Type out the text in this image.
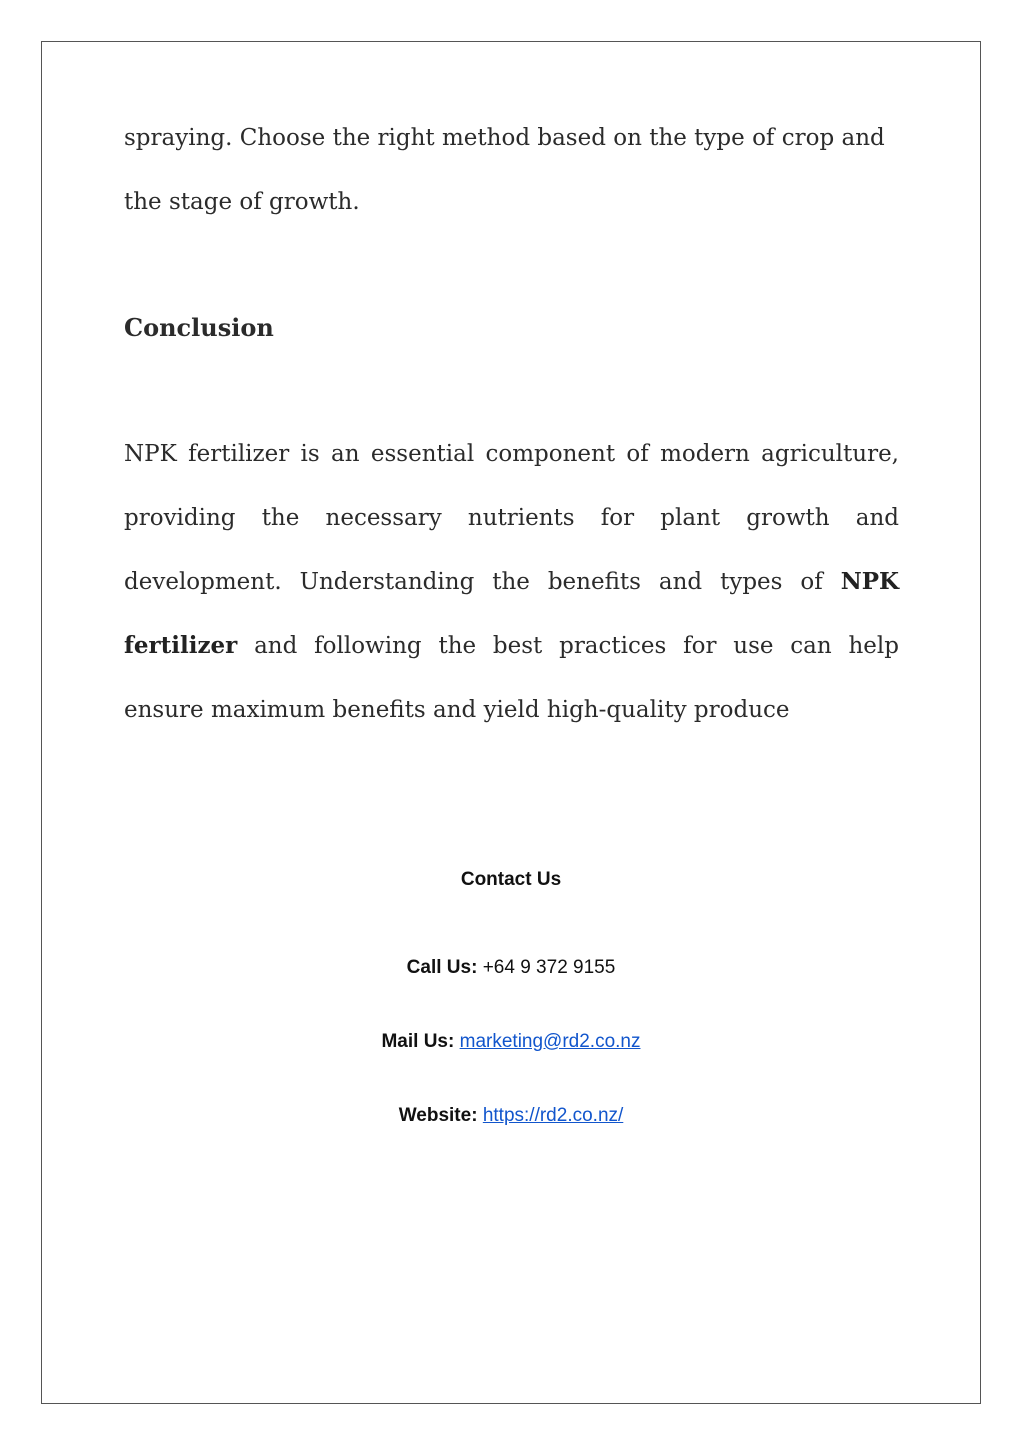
spraying. Choose the right method based on the type of crop and the stage of growth.

Conclusion

NPK fertilizer is an essential component of modern agriculture, providing the necessary nutrients for plant growth and development. Understanding the benefits and types of NPK fertilizer and following the best practices for use can help ensure maximum benefits and yield high-quality produce

Contact Us

Call Us: +64 9 372 9155

Mail Us: marketing@rd2.co.nz

Website: https://rd2.co.nz/
